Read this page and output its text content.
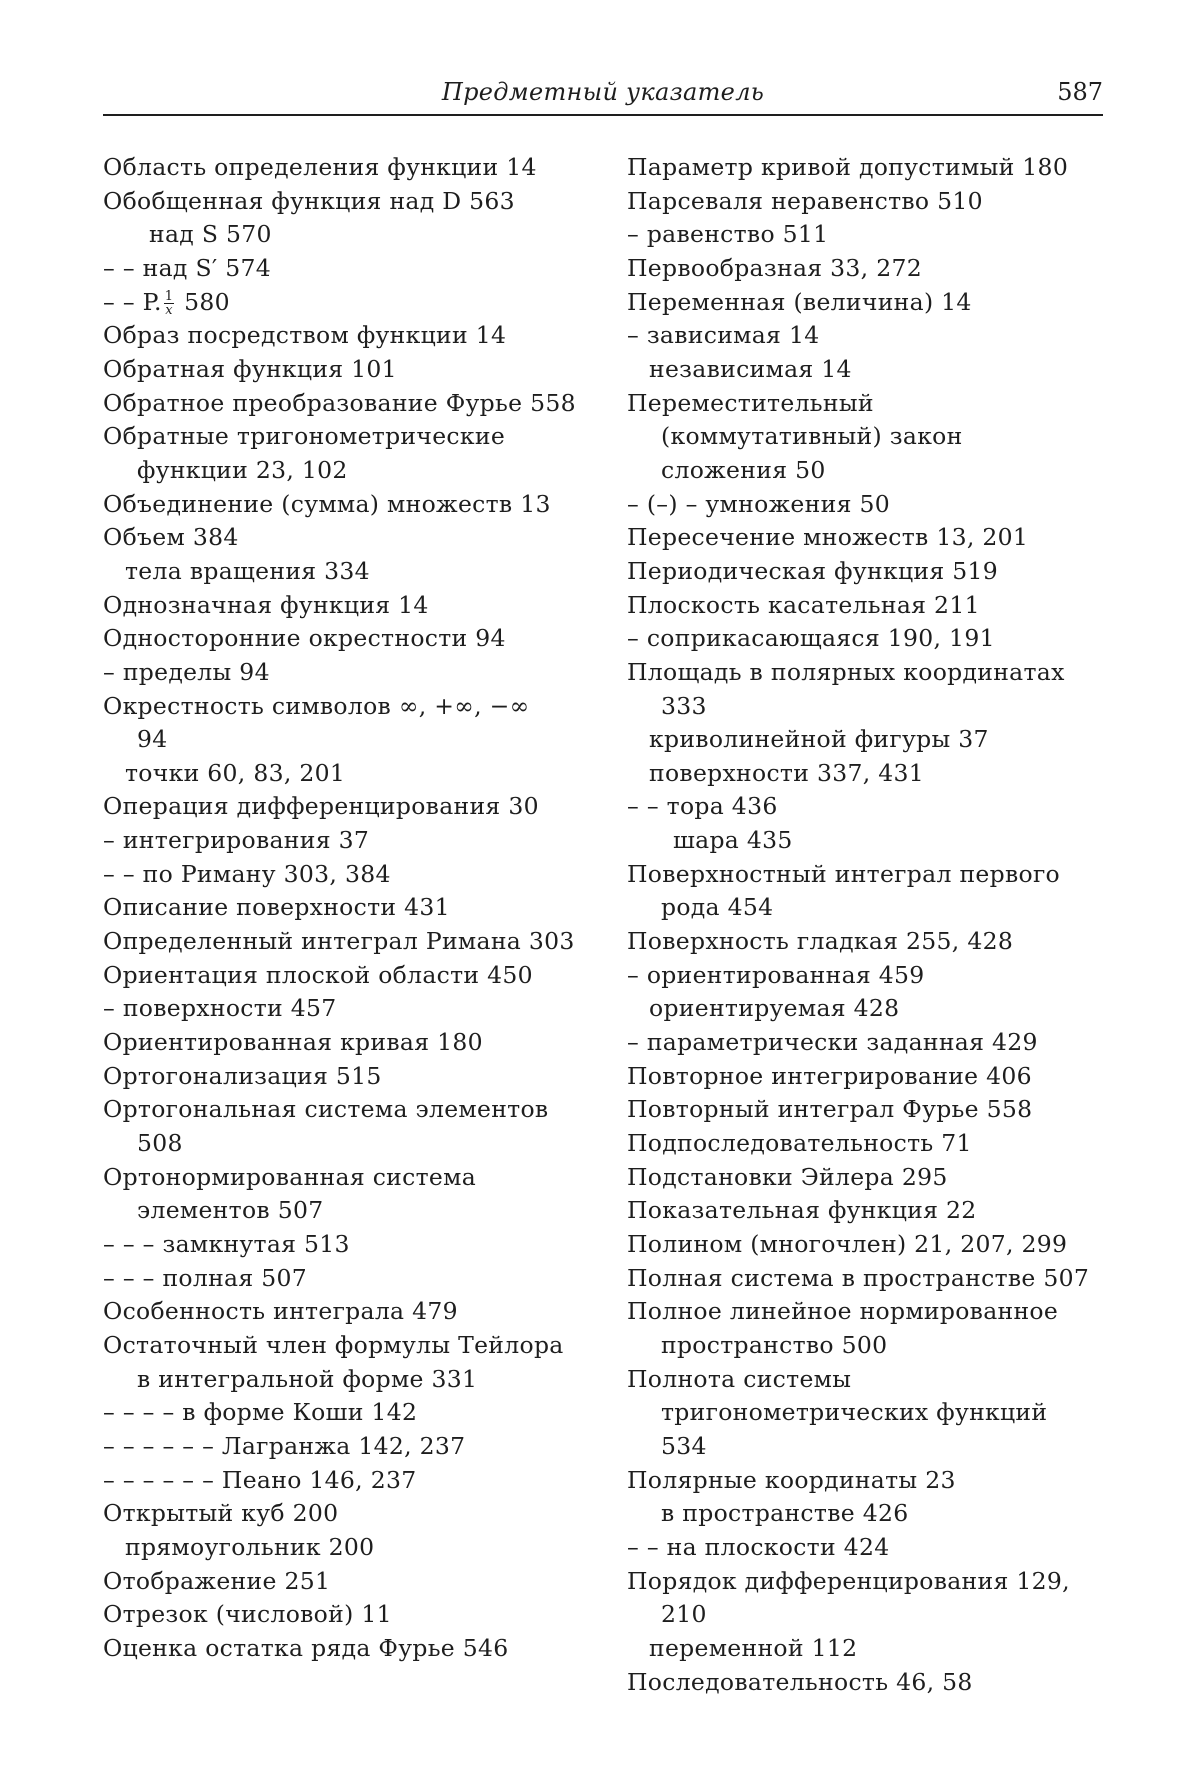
Предметный указатель	587
Область определения функции 14
Обобщенная функция над D 563
над S 570
– – над S′ 574
– – P. $\frac{1}{x} 580$
Образ посредством функции 14
Обратная функция 101
Обратное преобразование Фурье 558
Обратные тригонометрические
функции 23, 102
Объединение (сумма) множеств 13
Объем 384
тела вращения 334
Однозначная функция 14
Односторонние окрестности 94
– пределы 94
Окрестность символов ∞, +∞, −∞
94
точки 60, 83, 201
Операция дифференцирования 30
– интегрирования 37
– – по Риману 303, 384
Описание поверхности 431
Определенный интеграл Римана 303
Ориентация плоской области 450
– поверхности 457
Ориентированная кривая 180
Ортогонализация 515
Ортогональная система элементов
508
Ортонормированная система
элементов 507
– – – замкнутая 513
– – – полная 507
Особенность интеграла 479
Остаточный член формулы Тейлора
в интегральной форме 331
– – – – в форме Коши 142
– – – – – – Лагранжа 142, 237
– – – – – – Пеано 146, 237
Открытый куб 200
прямоугольник 200
Отображение 251
Отрезок (числовой) 11
Оценка остатка ряда Фурье 546
Параметр кривой допустимый 180
Парсеваля неравенство 510
– равенство 511
Первообразная 33, 272
Переменная (величина) 14
– зависимая 14
независимая 14
Переместительный
(коммутативный) закон
сложения 50
– (–) – умножения 50
Пересечение множеств 13, 201
Периодическая функция 519
Плоскость касательная 211
– соприкасающаяся 190, 191
Площадь в полярных координатах
333
криволинейной фигуры 37
поверхности 337, 431
– – тора 436
шара 435
Поверхностный интеграл первого
рода 454
Поверхность гладкая 255, 428
– ориентированная 459
ориентируемая 428
– параметрически заданная 429
Повторное интегрирование 406
Повторный интеграл Фурье 558
Подпоследовательность 71
Подстановки Эйлера 295
Показательная функция 22
Полином (многочлен) 21, 207, 299
Полная система в пространстве 507
Полное линейное нормированное
пространство 500
Полнота системы
тригонометрических функций
534
Полярные координаты 23
в пространстве 426
– – на плоскости 424
Порядок дифференцирования 129,
210
переменной 112
Последовательность 46, 58
